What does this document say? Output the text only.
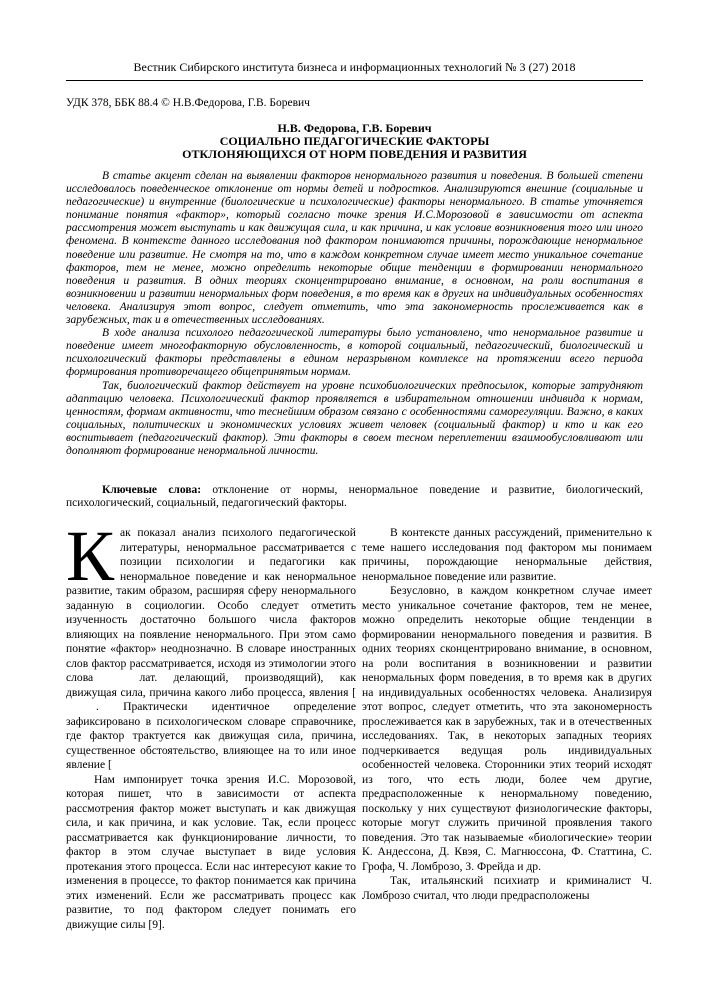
Вестник Сибирского института бизнеса и информационных технологий № 3 (27) 2018
УДК 378, ББК 88.4 © Н.В.Федорова, Г.В. Боревич
Н.В. Федорова, Г.В. Боревич
СОЦИАЛЬНО ПЕДАГОГИЧЕСКИЕ ФАКТОРЫ
ОТКЛОНЯЮЩИХСЯ ОТ НОРМ ПОВЕДЕНИЯ И РАЗВИТИЯ

В статье акцент сделан на выявлении факторов ненормального развития и поведения. В большей степени исследовалось поведенческое отклонение от нормы детей и подростков. Анализируются внешние (социальные и педагогические) и внутренние (биологические и психологические) факторы ненормального. В статье уточняется понимание понятия «фактор», который согласно точке зрения И.С.Морозовой в зависимости от аспекта рассмотрения может выступать и как движущая сила, и как причина, и как условие возникновения того или иного феномена. В контексте данного исследования под фактором понимаются причины, порождающие ненормальное поведение или развитие. Не смотря на то, что в каждом конкретном случае имеет место уникальное сочетание факторов, тем не менее, можно определить некоторые общие тенденции в формировании ненормального поведения и развития. В одних теориях сконцентрировано внимание, в основном, на роли воспитания в возникновении и развитии ненормальных форм поведения, в то время как в других на индивидуальных особенностях человека. Анализируя этот вопрос, следует отметить, что эта закономерность прослеживается как в зарубежных, так и в отечественных исследованиях.

В ходе анализа психолого педагогической литературы было установлено, что ненормальное развитие и поведение имеет многофакторную обусловленность, в которой социальный, педагогический, биологический и психологический факторы представлены в едином неразрывном комплексе на протяжении всего периода формирования противоречащего общепринятым нормам.

Так, биологический фактор действует на уровне психобиологических предпосылок, которые затрудняют адаптацию человека. Психологический фактор проявляется в избирательном отношении индивида к нормам, ценностям, формам активности, что теснейшим образом связано с особенностями саморегуляции. Важно, в каких социальных, политических и экономических условиях живет человек (социальный фактор) и кто и как его воспитывает (педагогический фактор). Эти факторы в своем тесном переплетении взаимообусловливают или дополняют формирование ненормальной личности.

Ключевые слова: отклонение от нормы, ненормальное поведение и развитие, биологический, психологический, социальный, педагогический факторы.

Как показал анализ психолого педагогической литературы, ненормальное рассматривается с позиции психологии и педагогики как ненормальное поведение и как ненормальное развитие, таким образом, расширяя сферу ненормального заданную в социологии. Особо следует отметить изученность достаточно большого числа факторов влияющих на появление ненормального. При этом само понятие «фактор» неоднозначно. В словаре иностранных слов фактор рассматривается, исходя из этимологии этого слова	лат. делающий, производящий), как движущая сила, причина какого либо процесса, явления [ . Практически идентичное определение зафиксировано в психологическом словаре справочнике, где фактор трактуется как движущая сила, причина, существенное обстоятельство, влияющее на то или иное явление [

Нам импонирует точка зрения И.С. Морозовой, которая пишет, что в зависимости от аспекта рассмотрения фактор может выступать и как движущая сила, и как причина, и как условие. Так, если процесс рассматривается как функционирование личности, то фактор в этом случае выступает в виде условия протекания этого процесса. Если нас интересуют какие то изменения в процессе, то фактор понимается как причина этих изменений. Если же рассматривать процесс как развитие, то под фактором следует понимать его движущие силы [9].

В контексте данных рассуждений, применительно к теме нашего исследования под фактором мы понимаем причины, порождающие ненормальные действия, ненормальное поведение или развитие.

Безусловно, в каждом конкретном случае имеет место уникальное сочетание факторов, тем не менее, можно определить некоторые общие тенденции в формировании ненормального поведения и развития. В одних теориях сконцентрировано внимание, в основном, на роли воспитания в возникновении и развитии ненормальных форм поведения, в то время как в других на индивидуальных особенностях человека. Анализируя этот вопрос, следует отметить, что эта закономерность прослеживается как в зарубежных, так и в отечественных исследованиях. Так, в некоторых западных теориях подчеркивается ведущая роль индивидуальных особенностей человека. Сторонники этих теорий исходят из того, что есть люди, более чем другие, предрасположенные к ненормальному поведению, поскольку у них существуют физиологические факторы, которые могут служить причиной проявления такого поведения. Это так называемые «биологические» теории К. Андессона, Д. Квэя, С. Магнюссона, Ф. Статтина, С. Грофа, Ч. Ломброзо, З. Фрейда и др.

Так, итальянский психиатр и криминалист Ч. Ломброзо считал, что люди предрасположены
